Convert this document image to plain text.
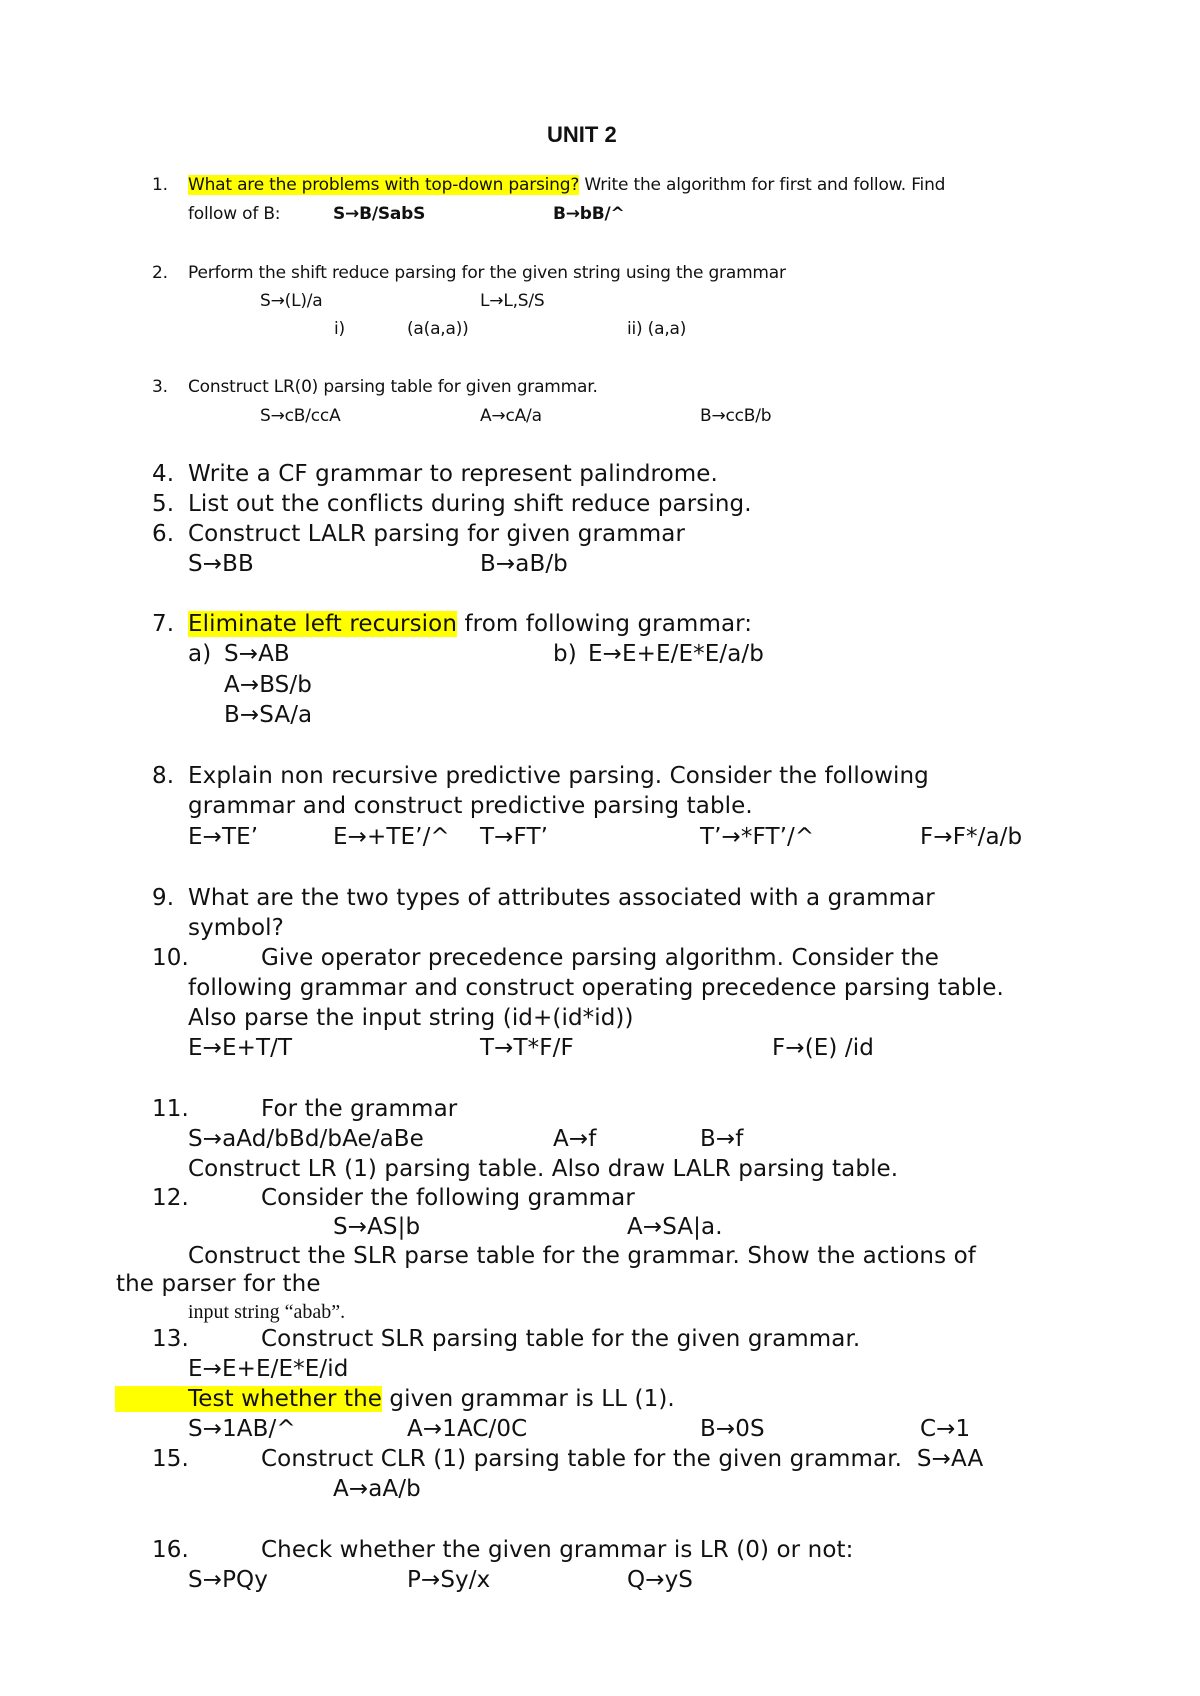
UNIT 2
1. What are the problems with top-down parsing? Write the algorithm for first and follow. Find
follow of B:	S→B/SabS	B→bB/^
2. Perform the shift reduce parsing for the given string using the grammar
S→(L)/a	L→L,S/S
i)	(a(a,a))	ii) (a,a)
3. Construct LR(0) parsing table for given grammar.
S→cB/ccA	A→cA/a	B→ccB/b
4. Write a CF grammar to represent palindrome.
5. List out the conflicts during shift reduce parsing.
6. Construct LALR parsing for given grammar
S→BB	B→aB/b
7. Eliminate left recursion from following grammar:
a) S→AB	b) E→E+E/E*E/a/b
A→BS/b
B→SA/a
8. Explain non recursive predictive parsing. Consider the following
grammar and construct predictive parsing table.
E→TE’	E→+TE’/^ T→FT’	T’→*FT’/^	F→F*/a/b
9. What are the two types of attributes associated with a grammar
symbol?
10.	Give operator precedence parsing algorithm. Consider the
following grammar and construct operating precedence parsing table.
Also parse the input string (id+(id*id))
E→E+T/T	T→T*F/F	F→(E) /id
11.	For the grammar
S→aAd/bBd/bAe/aBe	A→f	B→f
Construct LR (1) parsing table. Also draw LALR parsing table.
12.	Consider the following grammar
S→AS|b	A→SA|a.
Construct the SLR parse table for the grammar. Show the actions of
the parser for the
input string “abab”.
13.	Construct SLR parsing table for the given grammar.
E→E+E/E*E/id
Test whether the given grammar is LL (1).
S→1AB/^	A→1AC/0C	B→0S	C→1
15.	Construct CLR (1) parsing table for the given grammar.  S→AA
A→aA/b
16.	Check whether the given grammar is LR (0) or not:
S→PQy	P→Sy/x	Q→yS
